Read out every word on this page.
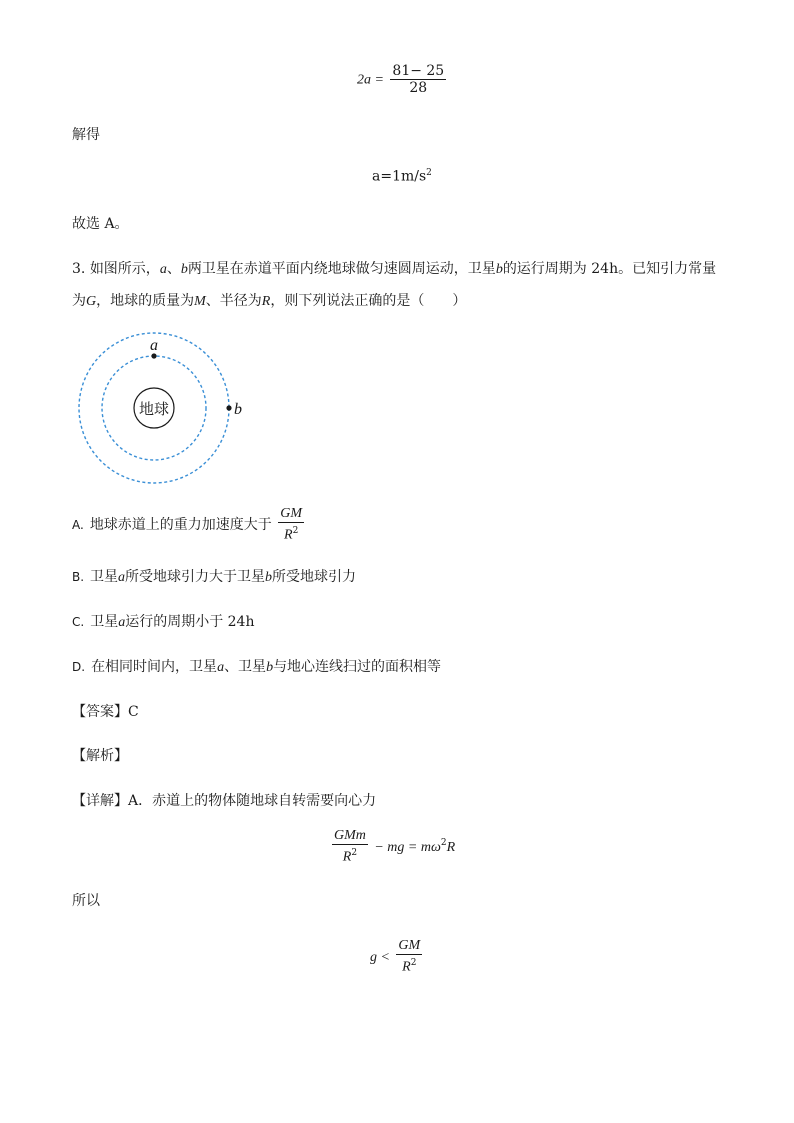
$2a = \frac{81- 25}{28}$
解得
$a=1m/s^2$
故选 A。
3. 如图所示，a、b两卫星在赤道平面内绕地球做匀速圆周运动，卫星b的运行周期为 24h。已知引力常量
为G，地球的质量为M、半径为R，则下列说法正确的是（　　）
地球
a
b
A. 地球赤道上的重力加速度大于 $\frac{GM}{R^2}$
B. 卫星a所受地球引力大于卫星b所受地球引力
C. 卫星a运行的周期小于 24h
D. 在相同时间内，卫星a、卫星b与地心连线扫过的面积相等
【答案】C
【解析】
【详解】A．赤道上的物体随地球自转需要向心力
$\frac{\text{GMm}}{R^2}$ − mg = $m\omega^2R$
所以
$g < \frac{GM}{R^2}$
